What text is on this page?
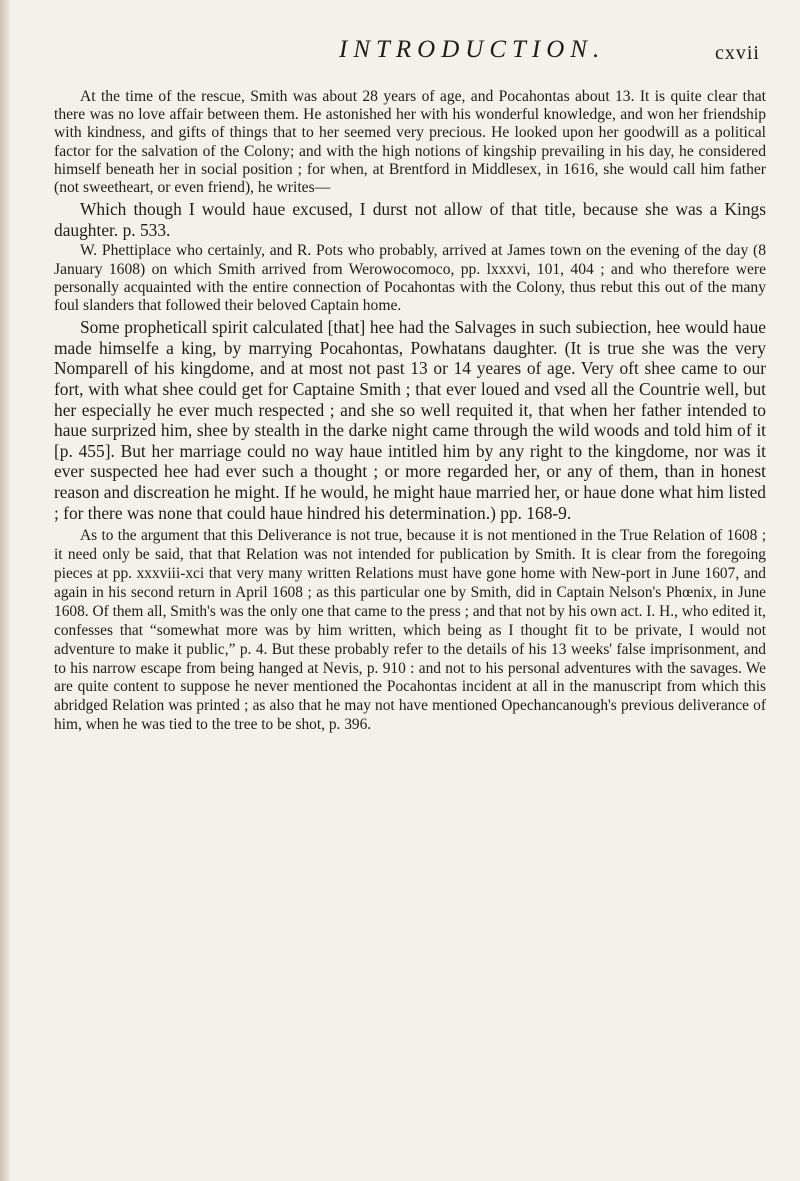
INTRODUCTION.	cxvii

At the time of the rescue, Smith was about 28 years of age, and Pocahontas about 13. It is quite clear that there was no love affair between them. He astonished her with his wonderful knowledge, and won her friendship with kindness, and gifts of things that to her seemed very precious. He looked upon her goodwill as a political factor for the salvation of the Colony; and with the high notions of kingship prevailing in his day, he considered himself beneath her in social position ; for when, at Brentford in Middlesex, in 1616, she would call him father (not sweetheart, or even friend), he writes—

Which though I would haue excused, I durst not allow of that title, because she was a Kings daughter. p. 533.

W. Phettiplace who certainly, and R. Pots who probably, arrived at James town on the evening of the day (8 January 1608) on which Smith arrived from Werowocomoco, pp. lxxxvi, 101, 404 ; and who therefore were personally acquainted with the entire connection of Pocahontas with the Colony, thus rebut this out of the many foul slanders that followed their beloved Captain home.

Some propheticall spirit calculated [that] hee had the Salvages in such subiection, hee would haue made himselfe a king, by marrying Pocahontas, Powhatans daughter. (It is true she was the very Nomparell of his kingdome, and at most not past 13 or 14 yeares of age. Very oft shee came to our fort, with what shee could get for Captaine Smith ; that ever loued and vsed all the Countrie well, but her especially he ever much respected ; and she so well requited it, that when her father intended to haue surprized him, shee by stealth in the darke night came through the wild woods and told him of it [p. 455]. But her marriage could no way haue intitled him by any right to the kingdome, nor was it ever suspected hee had ever such a thought ; or more regarded her, or any of them, than in honest reason and discreation he might. If he would, he might haue married her, or haue done what him listed ; for there was none that could haue hindred his determination.) pp. 168-9.

As to the argument that this Deliverance is not true, because it is not mentioned in the True Relation of 1608 ; it need only be said, that that Relation was not intended for publication by Smith. It is clear from the foregoing pieces at pp. xxxviii-xci that very many written Relations must have gone home with New-port in June 1607, and again in his second return in April 1608 ; as this particular one by Smith, did in Captain Nelson's Phœnix, in June 1608. Of them all, Smith's was the only one that came to the press ; and that not by his own act. I. H., who edited it, confesses that “somewhat more was by him written, which being as I thought fit to be private, I would not adventure to make it public,” p. 4. But these probably refer to the details of his 13 weeks' false imprisonment, and to his narrow escape from being hanged at Nevis, p. 910 : and not to his personal adventures with the savages. We are quite content to suppose he never mentioned the Pocahontas incident at all in the manuscript from which this abridged Relation was printed ; as also that he may not have mentioned Opechancanough's previous deliverance of him, when he was tied to the tree to be shot, p. 396.
